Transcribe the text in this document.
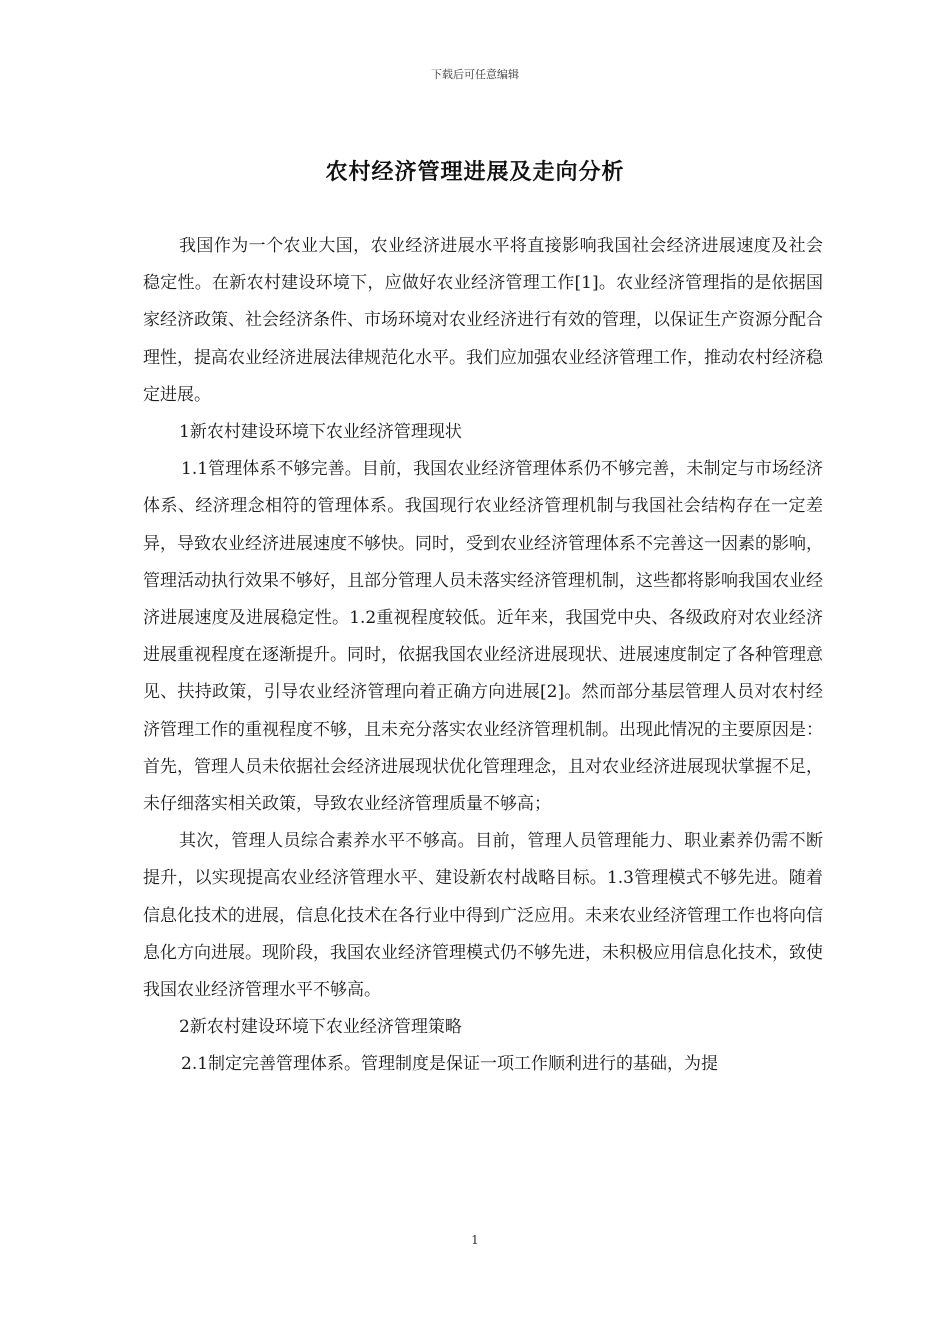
下载后可任意编辑
农村经济管理进展及走向分析

我国作为一个农业大国，农业经济进展水平将直接影响我国社会经济进展速度及社会稳定性。在新农村建设环境下，应做好农业经济管理工作[1]。农业经济管理指的是依据国家经济政策、社会经济条件、市场环境对农业经济进行有效的管理，以保证生产资源分配合理性，提高农业经济进展法律规范化水平。我们应加强农业经济管理工作，推动农村经济稳定进展。

1新农村建设环境下农业经济管理现状

1.1管理体系不够完善。目前，我国农业经济管理体系仍不够完善，未制定与市场经济体系、经济理念相符的管理体系。我国现行农业经济管理机制与我国社会结构存在一定差异，导致农业经济进展速度不够快。同时，受到农业经济管理体系不完善这一因素的影响，管理活动执行效果不够好，且部分管理人员未落实经济管理机制，这些都将影响我国农业经济进展速度及进展稳定性。1.2重视程度较低。近年来，我国党中央、各级政府对农业经济进展重视程度在逐渐提升。同时，依据我国农业经济进展现状、进展速度制定了各种管理意见、扶持政策，引导农业经济管理向着正确方向进展[2]。然而部分基层管理人员对农村经济管理工作的重视程度不够，且未充分落实农业经济管理机制。出现此情况的主要原因是：首先，管理人员未依据社会经济进展现状优化管理理念，且对农业经济进展现状掌握不足，未仔细落实相关政策，导致农业经济管理质量不够高；

其次，管理人员综合素养水平不够高。目前，管理人员管理能力、职业素养仍需不断提升，以实现提高农业经济管理水平、建设新农村战略目标。1.3管理模式不够先进。随着信息化技术的进展，信息化技术在各行业中得到广泛应用。未来农业经济管理工作也将向信息化方向进展。现阶段，我国农业经济管理模式仍不够先进，未积极应用信息化技术，致使我国农业经济管理水平不够高。

2新农村建设环境下农业经济管理策略

2.1制定完善管理体系。管理制度是保证一项工作顺利进行的基础，为提

1
